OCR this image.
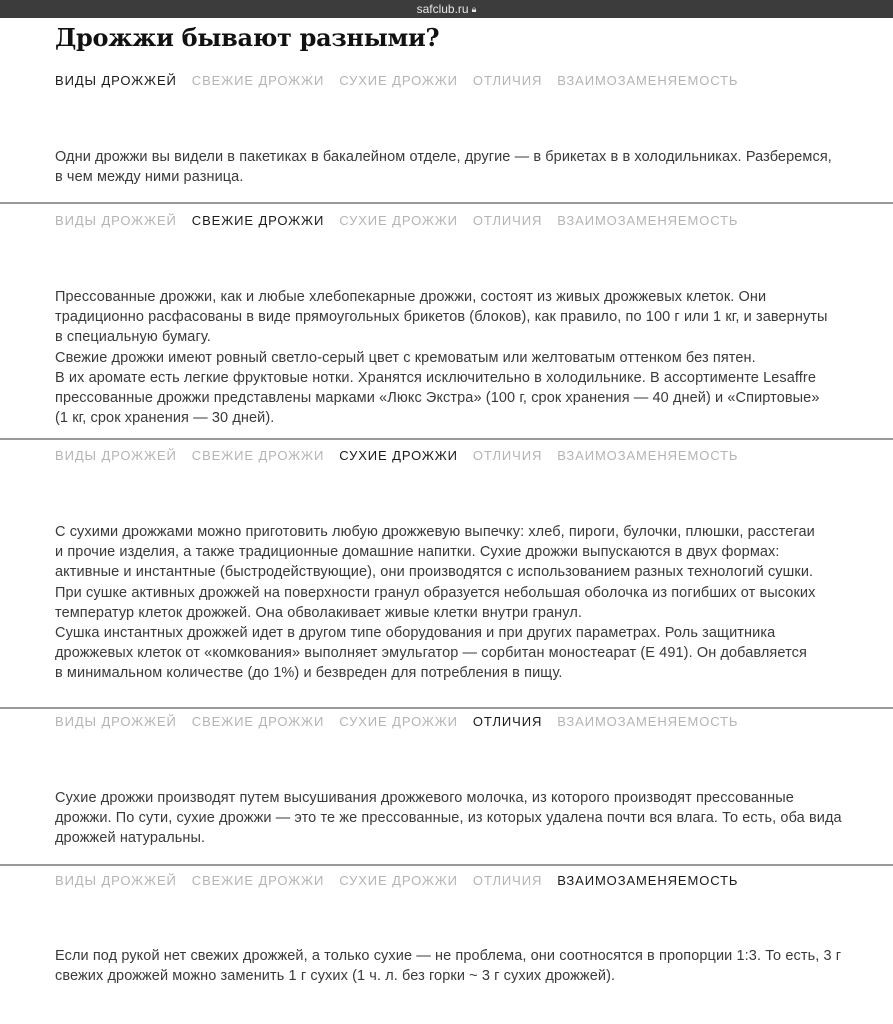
safclub.ru 🔒︎
Дрожжи бывают разными?
ВИДЫ ДРОЖЖЕЙ СВЕЖИЕ ДРОЖЖИ СУХИЕ ДРОЖЖИ ОТЛИЧИЯ ВЗАИМОЗАМЕНЯЕМОСТЬ

Одни дрожжи вы видели в пакетиках в бакалейном отделе, другие — в брикетах в в холодильниках. Разберемся,
в чем между ними разница.

ВИДЫ ДРОЖЖЕЙ СВЕЖИЕ ДРОЖЖИ СУХИЕ ДРОЖЖИ ОТЛИЧИЯ ВЗАИМОЗАМЕНЯЕМОСТЬ

Прессованные дрожжи, как и любые хлебопекарные дрожжи, состоят из живых дрожжевых клеток. Они
традиционно расфасованы в виде прямоугольных брикетов (блоков), как правило, по 100 г или 1 кг, и завернуты
в специальную бумагу.
Свежие дрожжи имеют ровный светло-серый цвет с кремоватым или желтоватым оттенком без пятен.
В их аромате есть легкие фруктовые нотки. Хранятся исключительно в холодильнике. В ассортименте Lesaffre
прессованные дрожжи представлены марками «Люкс Экстра» (100 г, срок хранения — 40 дней) и «Спиртовые»
(1 кг, срок хранения — 30 дней).

ВИДЫ ДРОЖЖЕЙ СВЕЖИЕ ДРОЖЖИ СУХИЕ ДРОЖЖИ ОТЛИЧИЯ ВЗАИМОЗАМЕНЯЕМОСТЬ

С сухими дрожжами можно приготовить любую дрожжевую выпечку: хлеб, пироги, булочки, плюшки, расстегаи
и прочие изделия, а также традиционные домашние напитки. Сухие дрожжи выпускаются в двух формах:
активные и инстантные (быстродействующие), они производятся с использованием разных технологий сушки.
При сушке активных дрожжей на поверхности гранул образуется небольшая оболочка из погибших от высоких
температур клеток дрожжей. Она обволакивает живые клетки внутри гранул.
Сушка инстантных дрожжей идет в другом типе оборудования и при других параметрах. Роль защитника
дрожжевых клеток от «комкования» выполняет эмульгатор — сорбитан моностеарат (Е 491). Он добавляется
в минимальном количестве (до 1%) и безвреден для потребления в пищу.

ВИДЫ ДРОЖЖЕЙ СВЕЖИЕ ДРОЖЖИ СУХИЕ ДРОЖЖИ ОТЛИЧИЯ ВЗАИМОЗАМЕНЯЕМОСТЬ

Сухие дрожжи производят путем высушивания дрожжевого молочка, из которого производят прессованные
дрожжи. По сути, сухие дрожжи — это те же прессованные, из которых удалена почти вся влага. То есть, оба вида
дрожжей натуральны.

ВИДЫ ДРОЖЖЕЙ СВЕЖИЕ ДРОЖЖИ СУХИЕ ДРОЖЖИ ОТЛИЧИЯ ВЗАИМОЗАМЕНЯЕМОСТЬ

Если под рукой нет свежих дрожжей, а только сухие — не проблема, они соотносятся в пропорции 1:3. То есть, 3 г
свежих дрожжей можно заменить 1 г сухих (1 ч. л. без горки ~ 3 г сухих дрожжей).
